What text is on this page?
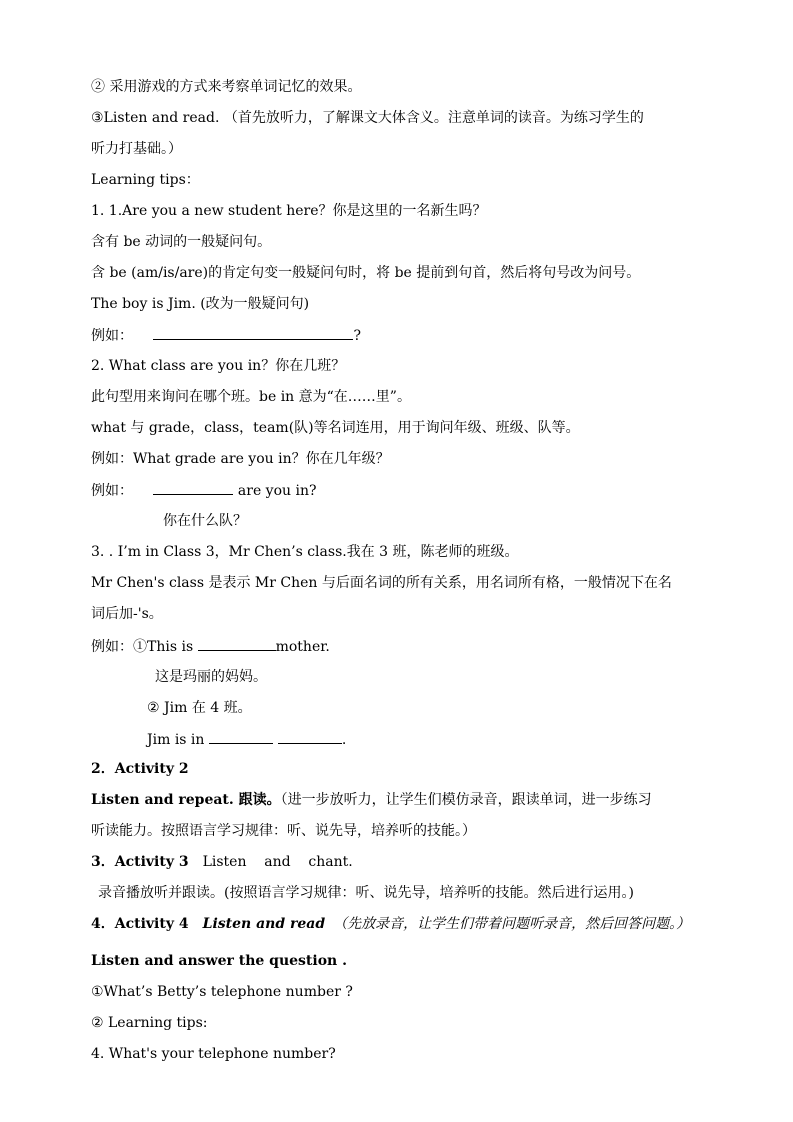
② 采用游戏的方式来考察单词记忆的效果。
③Listen and read. （首先放听力，了解课文大体含义。注意单词的读音。为练习学生的
听力打基础。）
Learning tips：
1. 1.Are you a new student here？你是这里的一名新生吗？
含有 be 动词的一般疑问句。
含 be (am/is/are)的肯定句变一般疑问句时，将 be 提前到句首，然后将句号改为问号。
The boy is Jim. (改为一般疑问句)
例如：	?
2. What class are you in？你在几班？
此句型用来询问在哪个班。be in 意为“在……里”。
what 与 grade，class，team(队)等名词连用，用于询问年级、班级、队等。
例如：What grade are you in？你在几年级？
例如：	are you in?
你在什么队？
3. . I’m in Class 3，Mr Chen’s class.我在 3 班，陈老师的班级。
Mr Chen's class 是表示 Mr Chen 与后面名词的所有关系，用名词所有格，一般情况下在名
词后加-'s。
例如：①This is	mother.
这是玛丽的妈妈。
② Jim 在 4 班。
Jim is in	.
2．Activity 2
Listen and repeat. 跟读。（进一步放听力，让学生们模仿录音，跟读单词，进一步练习
听读能力。按照语言学习规律：听、说先导，培养听的技能。）
3．Activity 3 Listen    and    chant.
录音播放听并跟读。(按照语言学习规律：听、说先导，培养听的技能。然后进行运用。)
4．Activity 4 Listen and read （先放录音，让学生们带着问题听录音，然后回答问题。）
Listen and answer the question .
①What’s Betty’s telephone number ?
② Learning tips:
4. What's your telephone number?
